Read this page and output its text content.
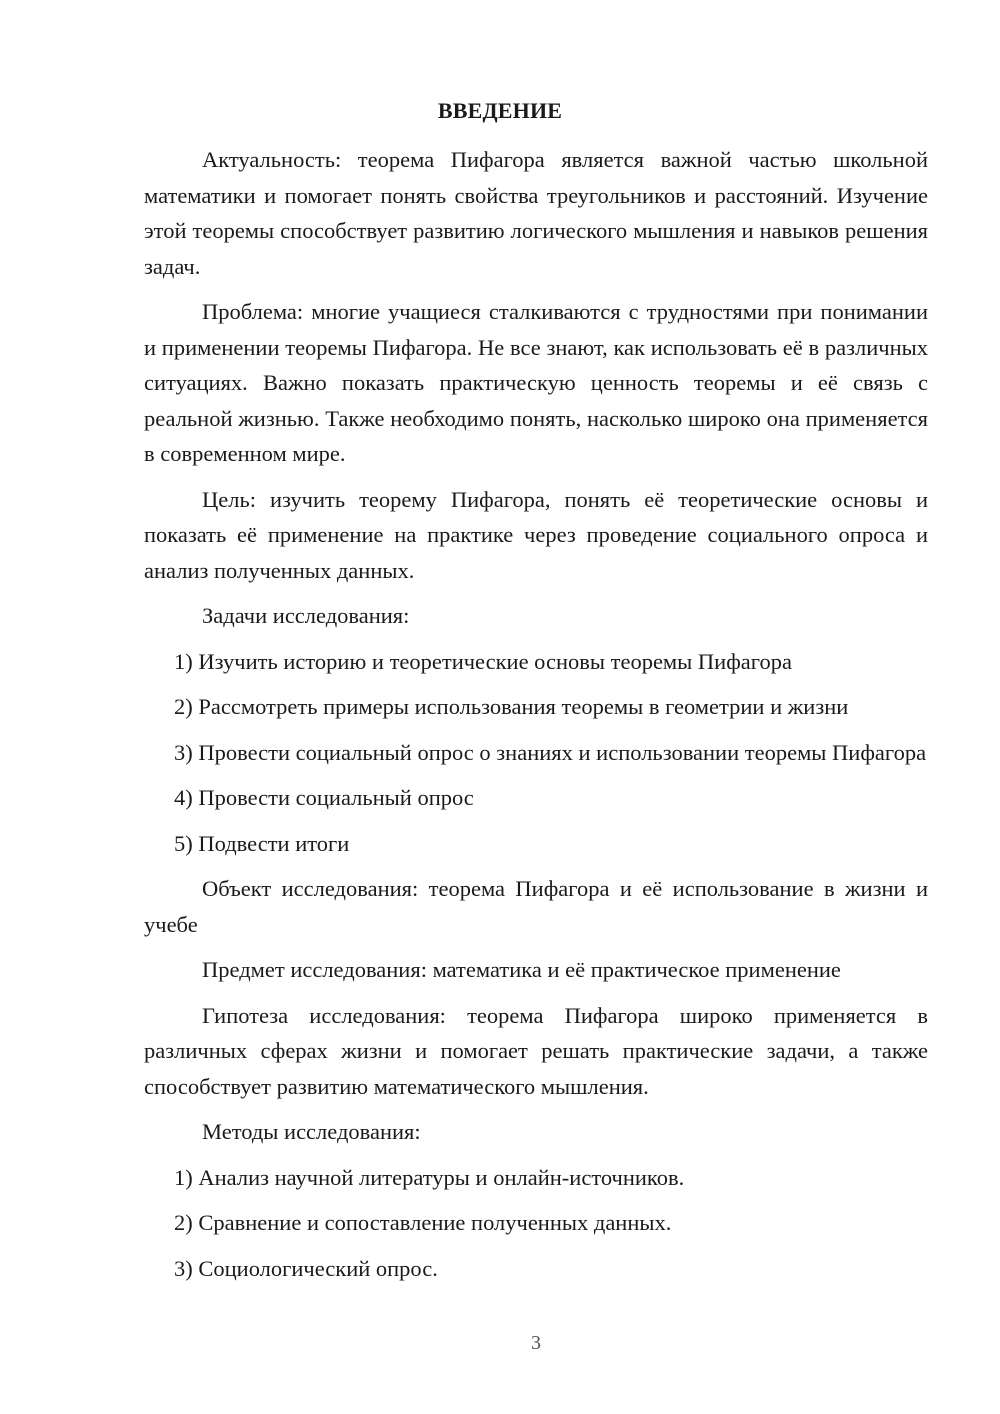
ВВЕДЕНИЕ

Актуальность: теорема Пифагора является важной частью школьной математики и помогает понять свойства треугольников и расстояний. Изучение этой теоремы способствует развитию логического мышления и навыков решения задач.

Проблема: многие учащиеся сталкиваются с трудностями при понимании и применении теоремы Пифагора. Не все знают, как использовать её в различных ситуациях. Важно показать практическую ценность теоремы и её связь с реальной жизнью. Также необходимо понять, насколько широко она применяется в современном мире.

Цель: изучить теорему Пифагора, понять её теоретические основы и показать её применение на практике через проведение социального опроса и анализ полученных данных.

Задачи исследования:

1) Изучить историю и теоретические основы теоремы Пифагора

2) Рассмотреть примеры использования теоремы в геометрии и жизни

3) Провести социальный опрос о знаниях и использовании теоремы Пифагора

4) Провести социальный опрос

5) Подвести итоги

Объект исследования: теорема Пифагора и её использование в жизни и учебе

Предмет исследования: математика и её практическое применение

Гипотеза исследования: теорема Пифагора широко применяется в различных сферах жизни и помогает решать практические задачи, а также способствует развитию математического мышления.

Методы исследования:

1) Анализ научной литературы и онлайн-источников.

2) Сравнение и сопоставление полученных данных.

3) Социологический опрос.

3
